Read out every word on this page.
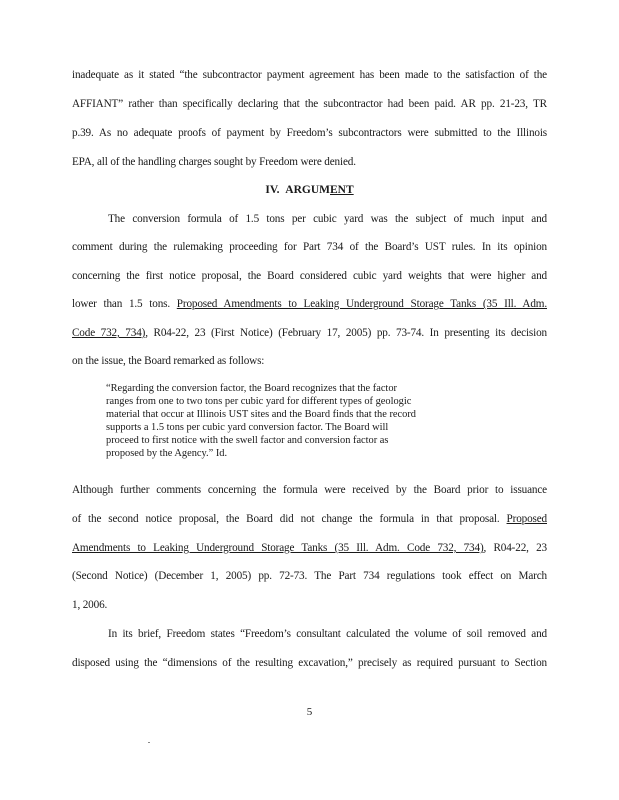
inadequate as it stated “the subcontractor payment agreement has been made to the satisfaction of the
AFFIANT” rather than specifically declaring that the subcontractor had been paid. AR pp. 21-23, TR
p.39. As no adequate proofs of payment by Freedom’s subcontractors were submitted to the Illinois
EPA, all of the handling charges sought by Freedom were denied.
IV. ARGUMENT
The conversion formula of 1.5 tons per cubic yard was the subject of much input and
comment during the rulemaking proceeding for Part 734 of the Board’s UST rules. In its opinion
concerning the first notice proposal, the Board considered cubic yard weights that were higher and
lower than 1.5 tons. Proposed Amendments to Leaking Underground Storage Tanks (35 Ill. Adm.
Code 732, 734), R04-22, 23 (First Notice) (February 17, 2005) pp. 73-74. In presenting its decision
on the issue, the Board remarked as follows:
“Regarding the conversion factor, the Board recognizes that the factor
ranges from one to two tons per cubic yard for different types of geologic
material that occur at Illinois UST sites and the Board finds that the record
supports a 1.5 tons per cubic yard conversion factor. The Board will
proceed to first notice with the swell factor and conversion factor as
proposed by the Agency.” Id.
Although further comments concerning the formula were received by the Board prior to issuance
of the second notice proposal, the Board did not change the formula in that proposal. Proposed
Amendments to Leaking Underground Storage Tanks (35 Ill. Adm. Code 732, 734), R04-22, 23
(Second Notice) (December 1, 2005) pp. 72-73. The Part 734 regulations took effect on March
1, 2006.
In its brief, Freedom states “Freedom’s consultant calculated the volume of soil removed and
disposed using the “dimensions of the resulting excavation,” precisely as required pursuant to Section
5
